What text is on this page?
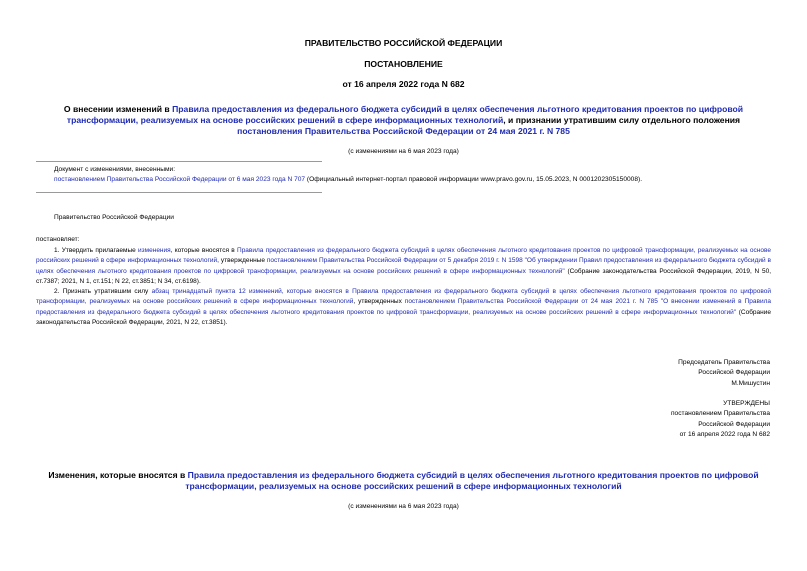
ПРАВИТЕЛЬСТВО РОССИЙСКОЙ ФЕДЕРАЦИИ
ПОСТАНОВЛЕНИЕ
от 16 апреля 2022 года N 682
О внесении изменений в Правила предоставления из федерального бюджета субсидий в целях обеспечения льготного кредитования проектов по цифровой трансформации, реализуемых на основе российских решений в сфере информационных технологий, и признании утратившим силу отдельного положения постановления Правительства Российской Федерации от 24 мая 2021 г. N 785
(с изменениями на 6 мая 2023 года)
Документ с изменениями, внесенными:
постановлением Правительства Российской Федерации от 6 мая 2023 года N 707 (Официальный интернет-портал правовой информации www.pravo.gov.ru, 15.05.2023, N 0001202305150008).
Правительство Российской Федерации
постановляет:
1. Утвердить прилагаемые изменения, которые вносятся в Правила предоставления из федерального бюджета субсидий в целях обеспечения льготного кредитования проектов по цифровой трансформации, реализуемых на основе российских решений в сфере информационных технологий, утвержденные постановлением Правительства Российской Федерации от 5 декабря 2019 г. N 1598 "Об утверждении Правил предоставления из федерального бюджета субсидий в целях обеспечения льготного кредитования проектов по цифровой трансформации, реализуемых на основе российских решений в сфере информационных технологий" (Собрание законодательства Российской Федерации, 2019, N 50, ст.7387; 2021, N 1, ст.151; N 22, ст.3851; N 34, ст.6198).
2. Признать утратившим силу абзац тринадцатый пункта 12 изменений, которые вносятся в Правила предоставления из федерального бюджета субсидий в целях обеспечения льготного кредитования проектов по цифровой трансформации, реализуемых на основе российских решений в сфере информационных технологий, утвержденных постановлением Правительства Российской Федерации от 24 мая 2021 г. N 785 "О внесении изменений в Правила предоставления из федерального бюджета субсидий в целях обеспечения льготного кредитования проектов по цифровой трансформации, реализуемых на основе российских решений в сфере информационных технологий" (Собрание законодательства Российской Федерации, 2021, N 22, ст.3851).
Председатель Правительства
Российской Федерации
М.Мишустин
УТВЕРЖДЕНЫ
постановлением Правительства
Российской Федерации
от 16 апреля 2022 года N 682
Изменения, которые вносятся в Правила предоставления из федерального бюджета субсидий в целях обеспечения льготного кредитования проектов по цифровой трансформации, реализуемых на основе российских решений в сфере информационных технологий
(с изменениями на 6 мая 2023 года)
